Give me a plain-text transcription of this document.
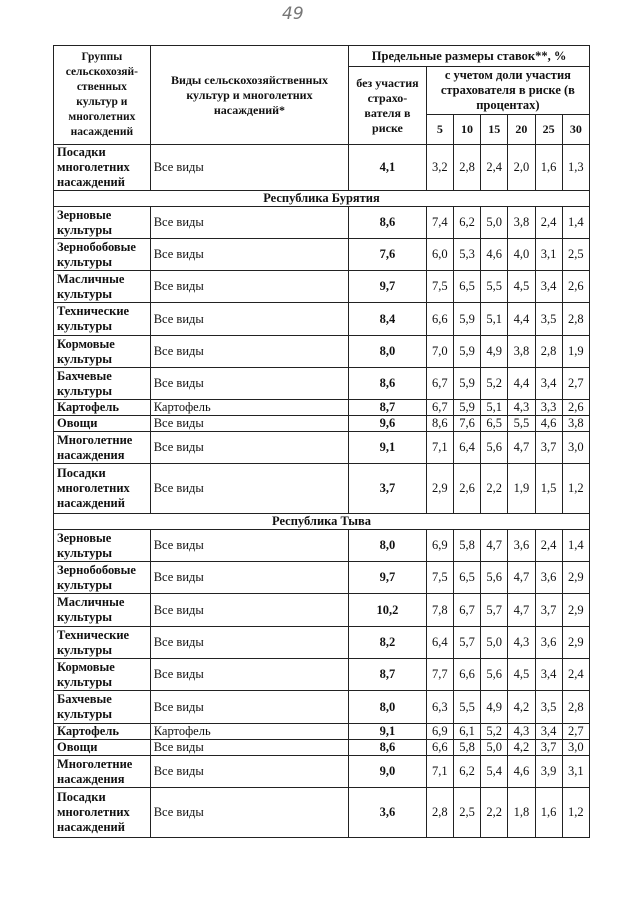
49
Группы сельскохозяй-ственных культур и многолетних насаждений	Виды сельскохозяйственных культур и многолетних насаждений*	Предельные размеры ставок**, %						
		без участия страхо-вателя в риске	с учетом доли участия страхователя в риске (в процентах)					
			5	10	15	20	25	30
Посадки многолетних насаждений	Все виды	4,1	3,2	2,8	2,4	2,0	1,6	1,3
Республика Бурятия								
Зерновые культуры	Все виды	8,6	7,4	6,2	5,0	3,8	2,4	1,4
Зернобобовые культуры	Все виды	7,6	6,0	5,3	4,6	4,0	3,1	2,5
Масличные культуры	Все виды	9,7	7,5	6,5	5,5	4,5	3,4	2,6
Технические культуры	Все виды	8,4	6,6	5,9	5,1	4,4	3,5	2,8
Кормовые культуры	Все виды	8,0	7,0	5,9	4,9	3,8	2,8	1,9
Бахчевые культуры	Все виды	8,6	6,7	5,9	5,2	4,4	3,4	2,7
Картофель	Картофель	8,7	6,7	5,9	5,1	4,3	3,3	2,6
Овощи	Все виды	9,6	8,6	7,6	6,5	5,5	4,6	3,8
Многолетние насаждения	Все виды	9,1	7,1	6,4	5,6	4,7	3,7	3,0
Посадки многолетних насаждений	Все виды	3,7	2,9	2,6	2,2	1,9	1,5	1,2
Республика Тыва								
Зерновые культуры	Все виды	8,0	6,9	5,8	4,7	3,6	2,4	1,4
Зернобобовые культуры	Все виды	9,7	7,5	6,5	5,6	4,7	3,6	2,9
Масличные культуры	Все виды	10,2	7,8	6,7	5,7	4,7	3,7	2,9
Технические культуры	Все виды	8,2	6,4	5,7	5,0	4,3	3,6	2,9
Кормовые культуры	Все виды	8,7	7,7	6,6	5,6	4,5	3,4	2,4
Бахчевые культуры	Все виды	8,0	6,3	5,5	4,9	4,2	3,5	2,8
Картофель	Картофель	9,1	6,9	6,1	5,2	4,3	3,4	2,7
Овощи	Все виды	8,6	6,6	5,8	5,0	4,2	3,7	3,0
Многолетние насаждения	Все виды	9,0	7,1	6,2	5,4	4,6	3,9	3,1
Посадки многолетних насаждений	Все виды	3,6	2,8	2,5	2,2	1,8	1,6	1,2
